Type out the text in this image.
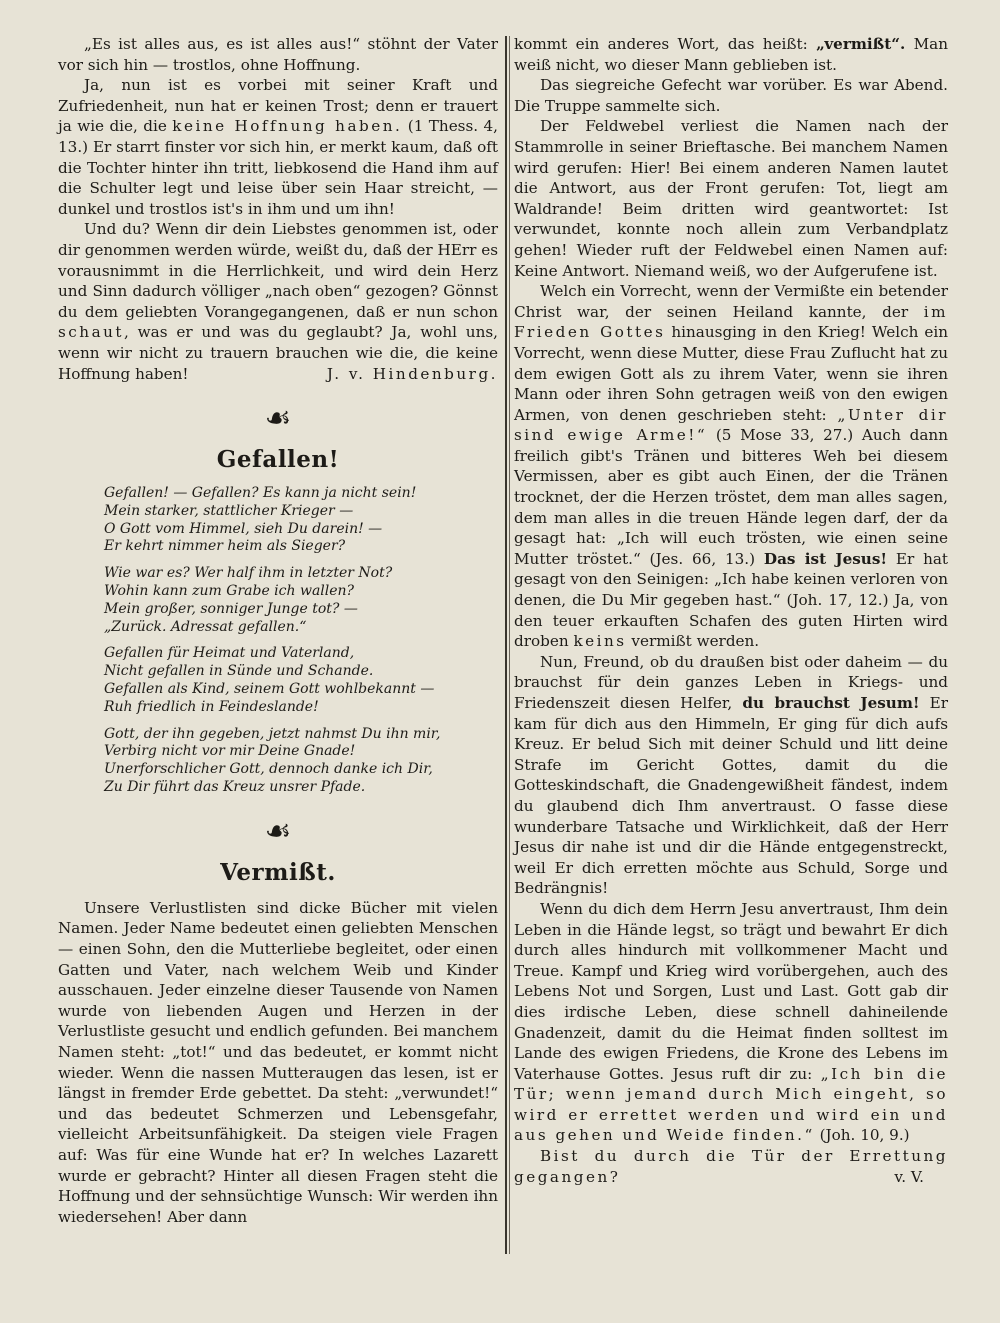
„Es ist alles aus, es ist alles aus!“ stöhnt der Vater vor sich hin — trostlos, ohne Hoffnung.

Ja, nun ist es vorbei mit seiner Kraft und Zufriedenheit, nun hat er keinen Trost; denn er trauert ja wie die, die keine Hoffnung haben. (1 Thess. 4, 13.) Er starrt finster vor sich hin, er merkt kaum, daß oft die Tochter hinter ihn tritt, liebkosend die Hand ihm auf die Schulter legt und leise über sein Haar streicht, — dunkel und trostlos ist's in ihm und um ihn!

Und du? Wenn dir dein Liebstes genommen ist, oder dir genommen werden würde, weißt du, daß der HErr es vorausnimmt in die Herrlichkeit, und wird dein Herz und Sinn dadurch völliger „nach oben“ gezogen? Gönnst du dem geliebten Vorangegangenen, daß er nun schon schaut, was er und was du geglaubt? Ja, wohl uns, wenn wir nicht zu trauern brauchen wie die, die keine Hoffnung haben!	J. v. Hindenburg.

☙
Gefallen!
Gefallen! — Gefallen? Es kann ja nicht sein!
Mein starker, stattlicher Krieger —
O Gott vom Himmel, sieh Du darein! —
Er kehrt nimmer heim als Sieger?
Wie war es? Wer half ihm in letzter Not?
Wohin kann zum Grabe ich wallen?
Mein großer, sonniger Junge tot? —
„Zurück. Adressat gefallen.“
Gefallen für Heimat und Vaterland,
Nicht gefallen in Sünde und Schande.
Gefallen als Kind, seinem Gott wohlbekannt —
Ruh friedlich in Feindeslande!
Gott, der ihn gegeben, jetzt nahmst Du ihn mir,
Verbirg nicht vor mir Deine Gnade!
Unerforschlicher Gott, dennoch danke ich Dir,
Zu Dir führt das Kreuz unsrer Pfade.
☙
Vermißt.

Unsere Verlustlisten sind dicke Bücher mit vielen Namen. Jeder Name bedeutet einen geliebten Menschen — einen Sohn, den die Mutterliebe begleitet, oder einen Gatten und Vater, nach welchem Weib und Kinder ausschauen. Jeder einzelne dieser Tausende von Namen wurde von liebenden Augen und Herzen in der Verlustliste gesucht und endlich gefunden. Bei manchem Namen steht: „tot!“ und das bedeutet, er kommt nicht wieder. Wenn die nassen Mutteraugen das lesen, ist er längst in fremder Erde gebettet. Da steht: „verwundet!“ und das bedeutet Schmerzen und Lebensgefahr, vielleicht Arbeitsunfähigkeit. Da steigen viele Fragen auf: Was für eine Wunde hat er? In welches Lazarett wurde er gebracht? Hinter all diesen Fragen steht die Hoffnung und der sehnsüchtige Wunsch: Wir werden ihn wiedersehen! Aber dann

kommt ein anderes Wort, das heißt: „vermißt“. Man weiß nicht, wo dieser Mann geblieben ist.

Das siegreiche Gefecht war vorüber. Es war Abend. Die Truppe sammelte sich.

Der Feldwebel verliest die Namen nach der Stammrolle in seiner Brieftasche. Bei manchem Namen wird gerufen: Hier! Bei einem anderen Namen lautet die Antwort, aus der Front gerufen: Tot, liegt am Waldrande! Beim dritten wird geantwortet: Ist verwundet, konnte noch allein zum Verbandplatz gehen! Wieder ruft der Feldwebel einen Namen auf: Keine Antwort. Niemand weiß, wo der Aufgerufene ist.

Welch ein Vorrecht, wenn der Vermißte ein betender Christ war, der seinen Heiland kannte, der im Frieden Gottes hinausging in den Krieg! Welch ein Vorrecht, wenn diese Mutter, diese Frau Zuflucht hat zu dem ewigen Gott als zu ihrem Vater, wenn sie ihren Mann oder ihren Sohn getragen weiß von den ewigen Armen, von denen geschrieben steht: „Unter dir sind ewige Arme!“ (5 Mose 33, 27.) Auch dann freilich gibt's Tränen und bitteres Weh bei diesem Vermissen, aber es gibt auch Einen, der die Tränen trocknet, der die Herzen tröstet, dem man alles sagen, dem man alles in die treuen Hände legen darf, der da gesagt hat: „Ich will euch trösten, wie einen seine Mutter tröstet.“ (Jes. 66, 13.) Das ist Jesus! Er hat gesagt von den Seinigen: „Ich habe keinen verloren von denen, die Du Mir gegeben hast.“ (Joh. 17, 12.) Ja, von den teuer erkauften Schafen des guten Hirten wird droben keins vermißt werden.

Nun, Freund, ob du draußen bist oder daheim — du brauchst für dein ganzes Leben in Kriegs- und Friedenszeit diesen Helfer, du brauchst Jesum! Er kam für dich aus den Himmeln, Er ging für dich aufs Kreuz. Er belud Sich mit deiner Schuld und litt deine Strafe im Gericht Gottes, damit du die Gotteskindschaft, die Gnadengewißheit fändest, indem du glaubend dich Ihm anvertraust. O fasse diese wunderbare Tatsache und Wirklichkeit, daß der Herr Jesus dir nahe ist und dir die Hände entgegenstreckt, weil Er dich erretten möchte aus Schuld, Sorge und Bedrängnis!

Wenn du dich dem Herrn Jesu anvertraust, Ihm dein Leben in die Hände legst, so trägt und bewahrt Er dich durch alles hindurch mit vollkommener Macht und Treue. Kampf und Krieg wird vorübergehen, auch des Lebens Not und Sorgen, Lust und Last. Gott gab dir dies irdische Leben, diese schnell dahineilende Gnadenzeit, damit du die Heimat finden solltest im Lande des ewigen Friedens, die Krone des Lebens im Vaterhause Gottes. Jesus ruft dir zu: „Ich bin die Tür; wenn jemand durch Mich eingeht, so wird er errettet werden und wird ein und aus gehen und Weide finden.“ (Joh. 10, 9.)

Bist du durch die Tür der Errettung gegangen?	v. V.
